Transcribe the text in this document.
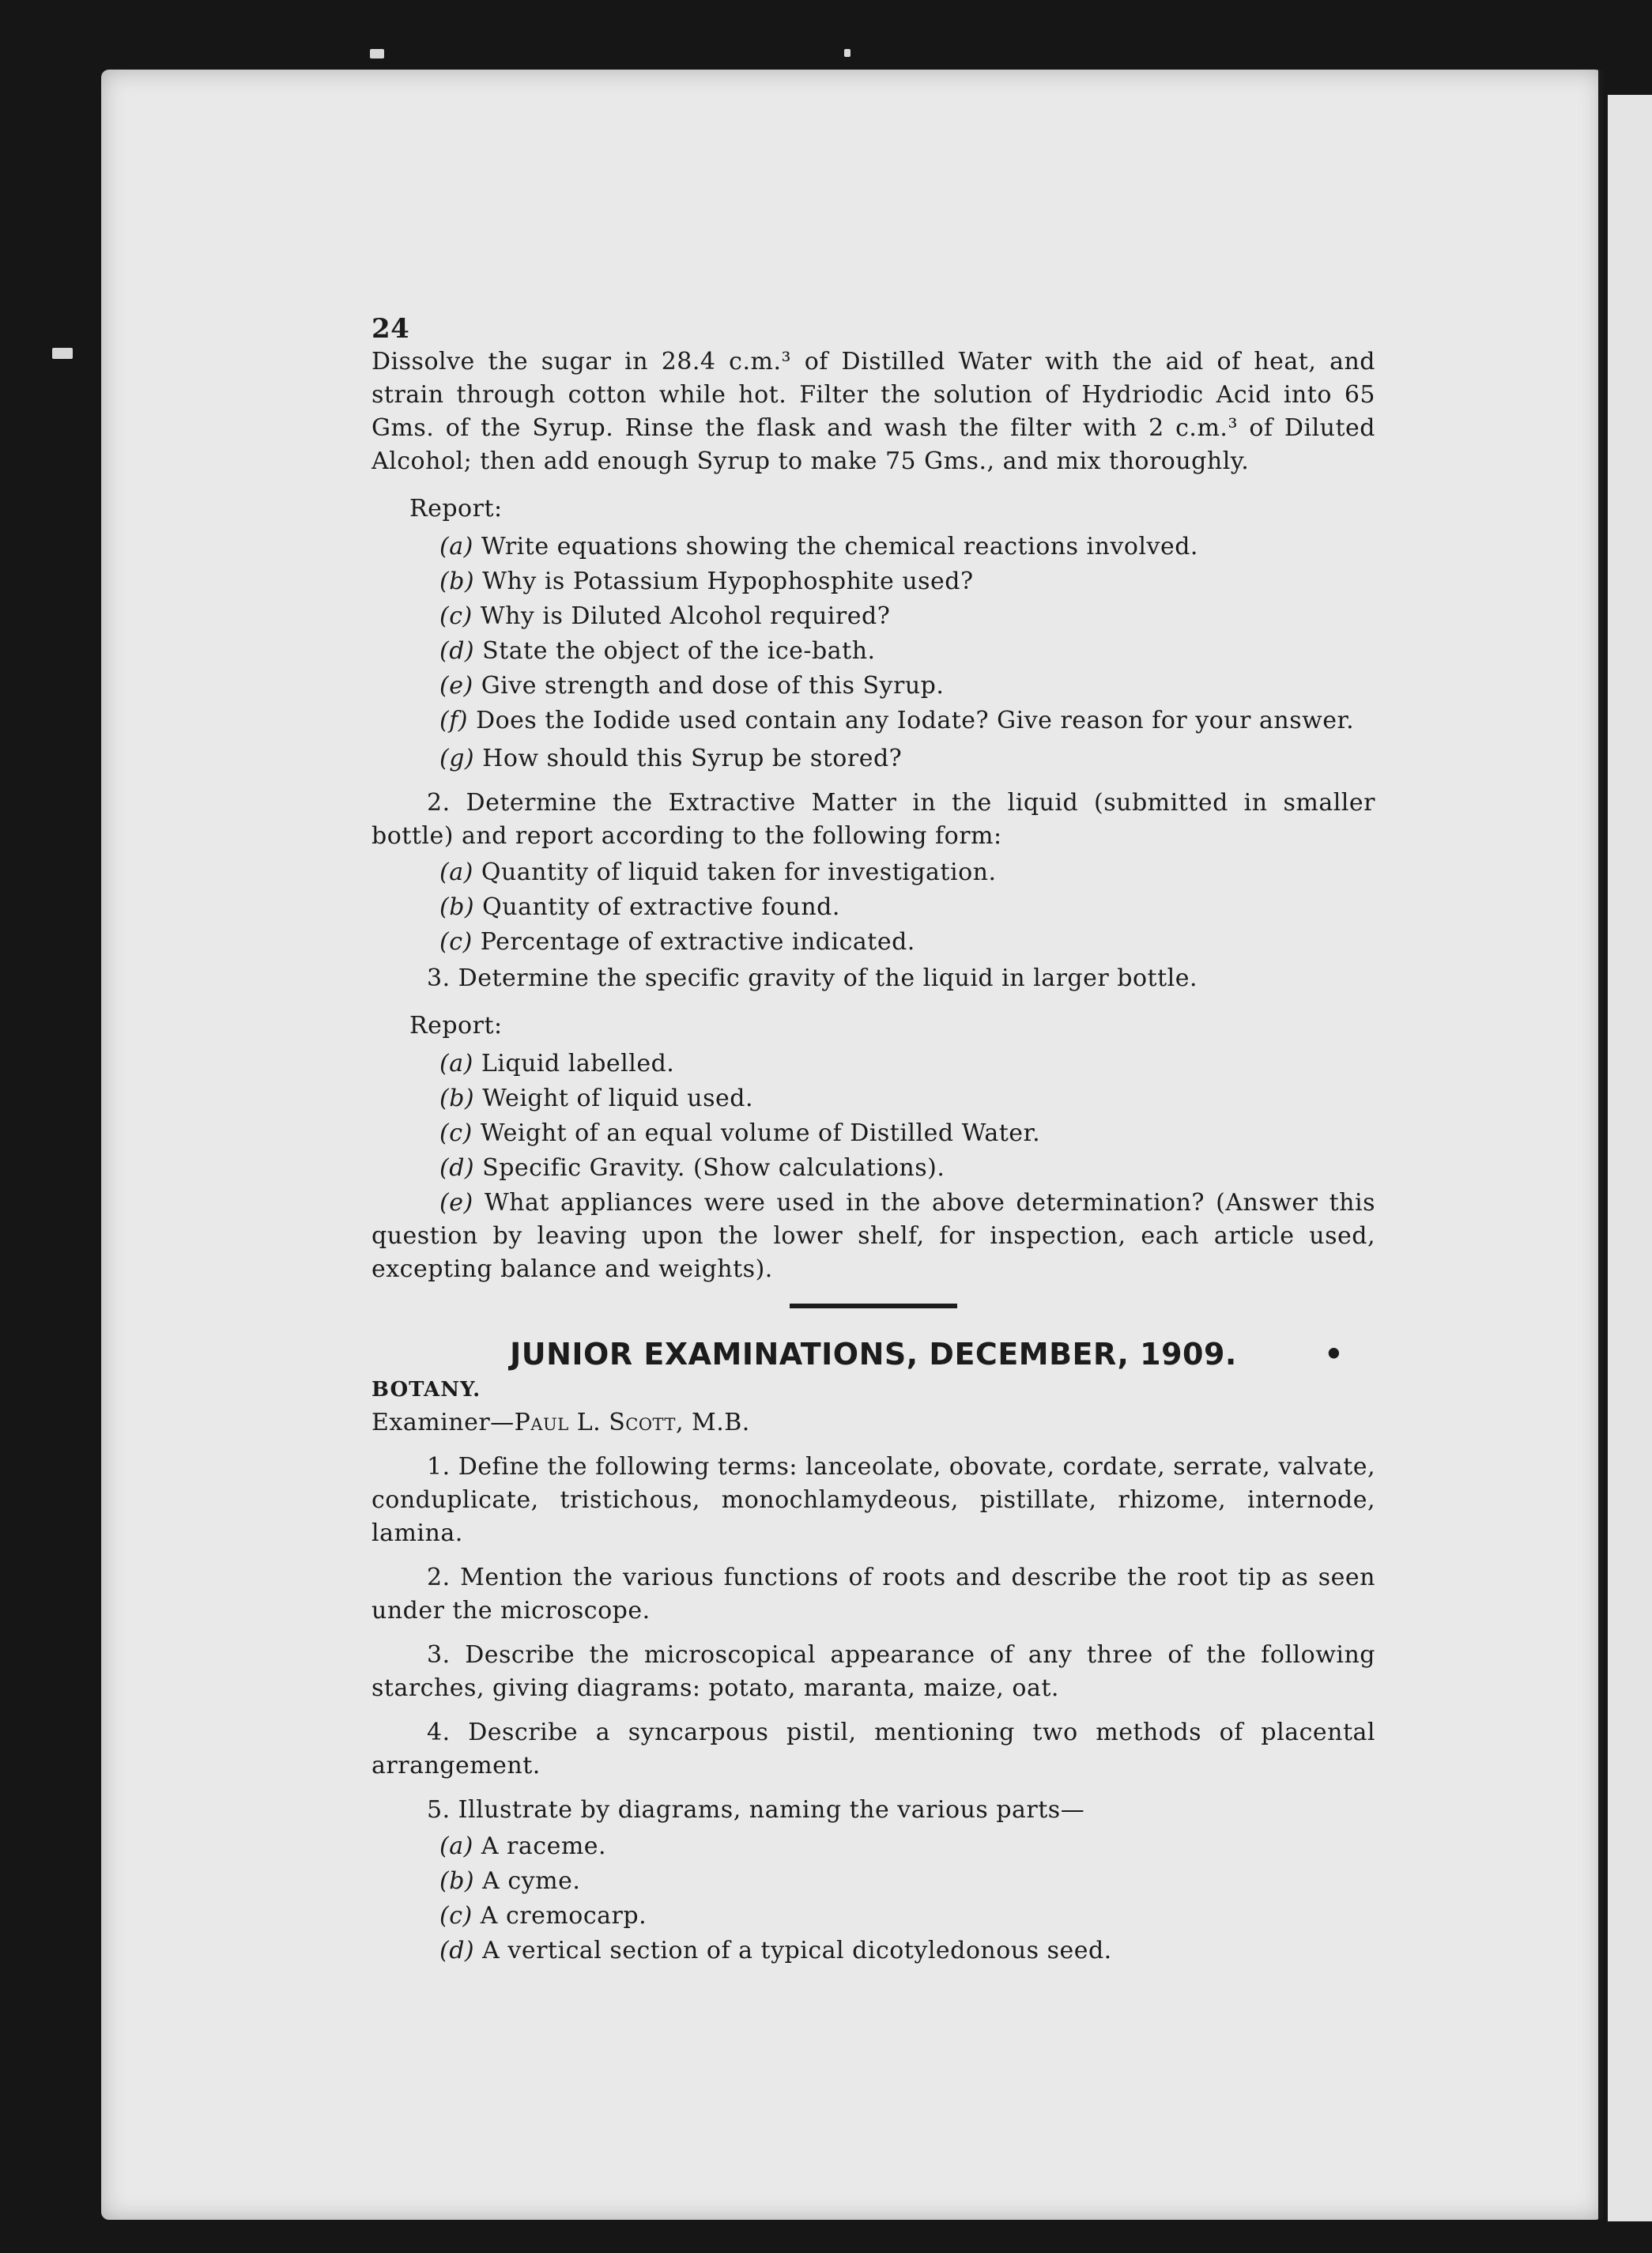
24

Dissolve the sugar in 28.4 c.m.³ of Distilled Water with the aid of heat, and strain through cotton while hot. Filter the solution of Hydriodic Acid into 65 Gms. of the Syrup. Rinse the flask and wash the filter with 2 c.m.³ of Diluted Alcohol; then add enough Syrup to make 75 Gms., and mix thoroughly.

Report:

(a) Write equations showing the chemical reactions involved.

(b) Why is Potassium Hypophosphite used?

(c) Why is Diluted Alcohol required?

(d) State the object of the ice-bath.

(e) Give strength and dose of this Syrup.

(f) Does the Iodide used contain any Iodate? Give reason for your answer.

(g) How should this Syrup be stored?

2. Determine the Extractive Matter in the liquid (submitted in smaller bottle) and report according to the following form:

(a) Quantity of liquid taken for investigation.

(b) Quantity of extractive found.

(c) Percentage of extractive indicated.

3. Determine the specific gravity of the liquid in larger bottle.

Report:

(a) Liquid labelled.

(b) Weight of liquid used.

(c) Weight of an equal volume of Distilled Water.

(d) Specific Gravity. (Show calculations).

(e) What appliances were used in the above determination? (Answer this question by leaving upon the lower shelf, for inspection, each article used, excepting balance and weights).

JUNIOR EXAMINATIONS, DECEMBER, 1909.	•

BOTANY.

Examiner—Paul L. Scott, M.B.

1. Define the following terms: lanceolate, obovate, cordate, serrate, valvate, conduplicate, tristichous, monochlamydeous, pistillate, rhizome, internode, lamina.

2. Mention the various functions of roots and describe the root tip as seen under the microscope.

3. Describe the microscopical appearance of any three of the following starches, giving diagrams: potato, maranta, maize, oat.

4. Describe a syncarpous pistil, mentioning two methods of placental arrangement.

5. Illustrate by diagrams, naming the various parts—

(a) A raceme.

(b) A cyme.

(c) A cremocarp.

(d) A vertical section of a typical dicotyledonous seed.
